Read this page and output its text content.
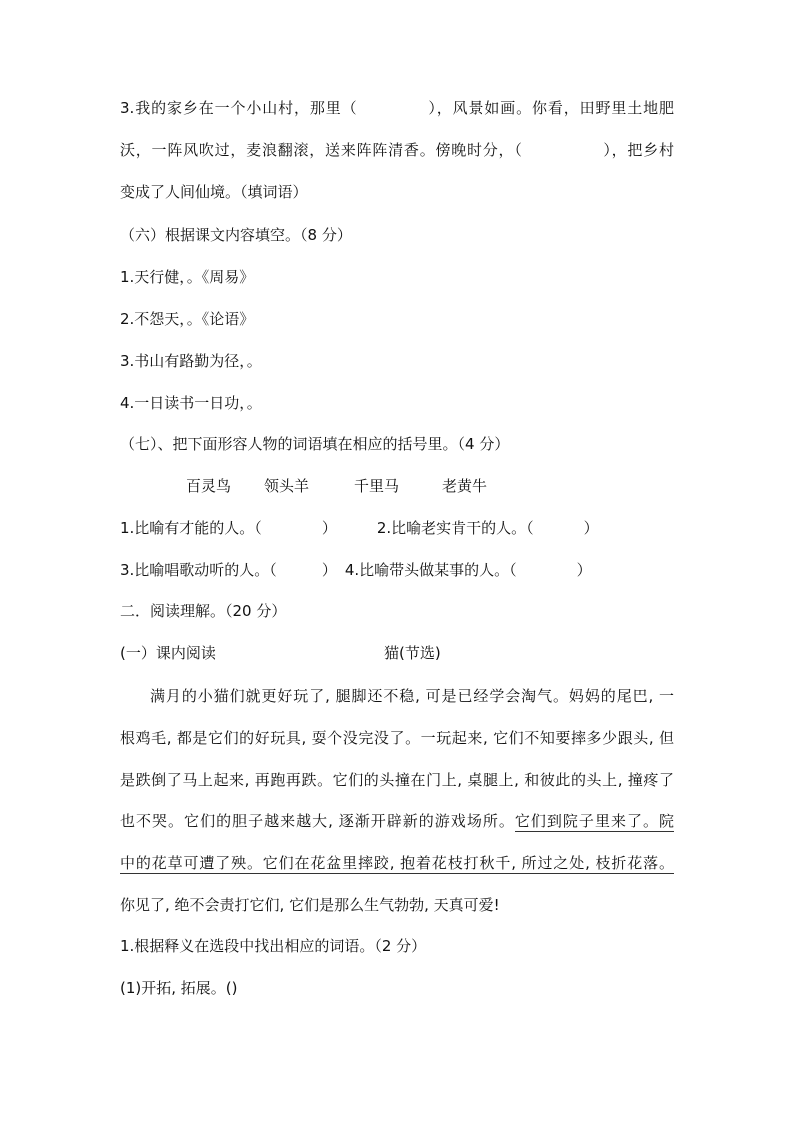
3.我的家乡在一个小山村，那里（	），风景如画。你看，田野里土地肥
沃，一阵风吹过，麦浪翻滚，送来阵阵清香。傍晚时分，（	），把乡村
变成了人间仙境。（填词语）
（六）根据课文内容填空。（8 分）
1.天行健，。《周易》
2.不怨天，。《论语》
3.书山有路勤为径，。
4.一日读书一日功，。
（七）、把下面形容人物的词语填在相应的括号里。（4 分）
百灵鸟 领头羊	千里马	老黄牛
1.比喻有才能的人。（	）	2.比喻老实肯干的人。（	）
3.比喻唱歌动听的人。（	） 4.比喻带头做某事的人。（	）
二．阅读理解。（20 分）
(一）课内阅读	猫(节选)
满月的小猫们就更好玩了, 腿脚还不稳, 可是已经学会淘气。妈妈的尾巴, 一
根鸡毛, 都是它们的好玩具, 耍个没完没了。一玩起来, 它们不知要摔多少跟头, 但
是跌倒了马上起来, 再跑再跌。它们的头撞在门上, 桌腿上, 和彼此的头上, 撞疼了
也不哭。它们的胆子越来越大, 逐渐开辟新的游戏场所。它们到院子里来了。院
中的花草可遭了殃。它们在花盆里摔跤, 抱着花枝打秋千, 所过之处, 枝折花落。
你见了, 绝不会责打它们, 它们是那么生气勃勃, 天真可爱!
1.根据释义在选段中找出相应的词语。（2 分）
(1)开拓, 拓展。()
